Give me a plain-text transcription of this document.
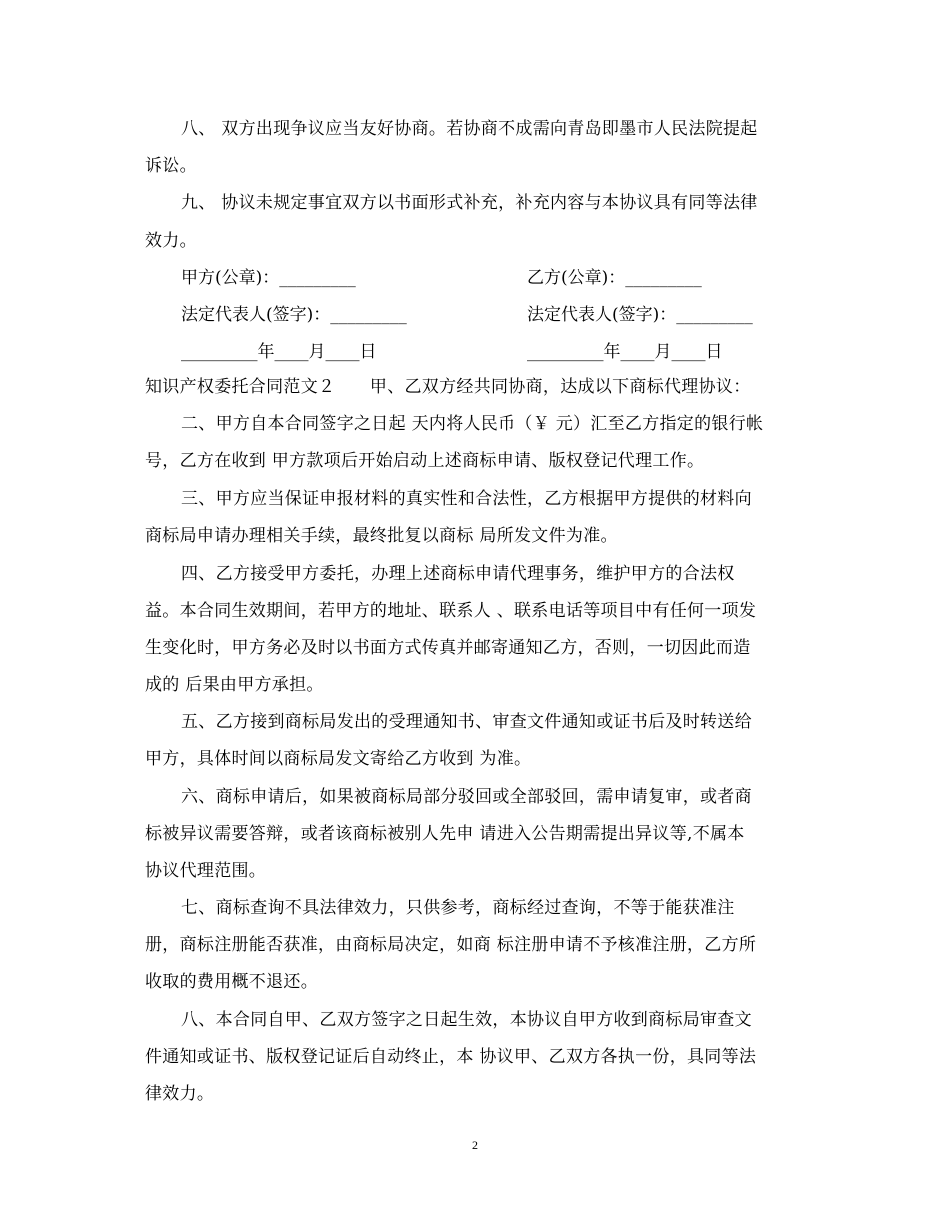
八、 双方出现争议应当友好协商。若协商不成需向青岛即墨市人民法院提起
诉讼。
九、 协议未规定事宜双方以书面形式补充，补充内容与本协议具有同等法律
效力。
甲方(公章)：_________	乙方(公章)：_________
法定代表人(签字)：_________	法定代表人(签字)：_________
_________年____月____日	_________年____月____日
知识产权委托合同范文２　　甲、乙双方经共同协商，达成以下商标代理协议：
二、甲方自本合同签字之日起 天内将人民币（￥ 元）汇至乙方指定的银行帐
号，乙方在收到 甲方款项后开始启动上述商标申请、版权登记代理工作。
三、甲方应当保证申报材料的真实性和合法性，乙方根据甲方提供的材料向
商标局申请办理相关手续，最终批复以商标 局所发文件为准。
四、乙方接受甲方委托，办理上述商标申请代理事务，维护甲方的合法权
益。本合同生效期间，若甲方的地址、联系人 、联系电话等项目中有任何一项发
生变化时，甲方务必及时以书面方式传真并邮寄通知乙方，否则，一切因此而造
成的 后果由甲方承担。
五、乙方接到商标局发出的受理通知书、审查文件通知或证书后及时转送给
甲方，具体时间以商标局发文寄给乙方收到 为准。
六、商标申请后，如果被商标局部分驳回或全部驳回，需申请复审，或者商
标被异议需要答辩，或者该商标被别人先申 请进入公告期需提出异议等,不属本
协议代理范围。
七、商标查询不具法律效力，只供参考，商标经过查询，不等于能获准注
册，商标注册能否获准，由商标局决定，如商 标注册申请不予核准注册，乙方所
收取的费用概不退还。
八、本合同自甲、乙双方签字之日起生效，本协议自甲方收到商标局审查文
件通知或证书、版权登记证后自动终止，本 协议甲、乙双方各执一份，具同等法
律效力。
2
